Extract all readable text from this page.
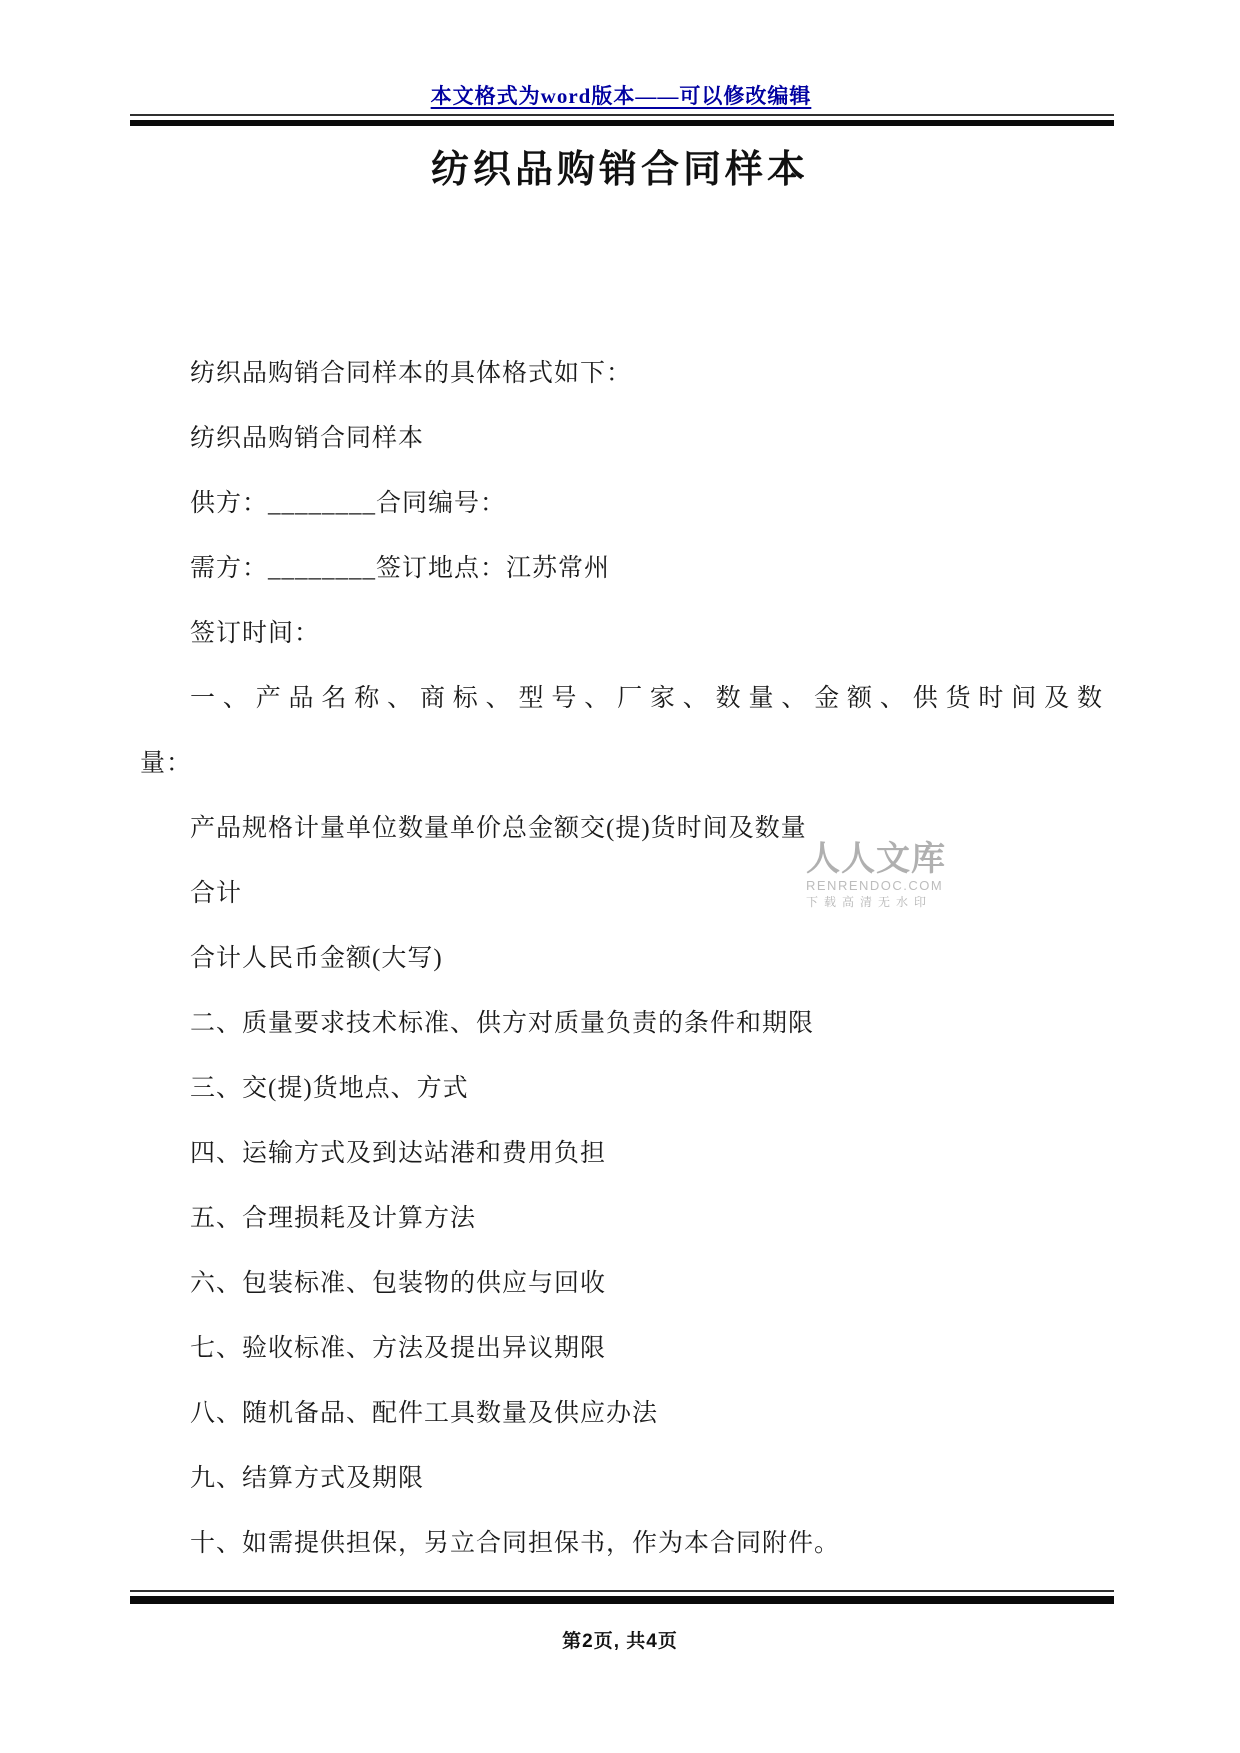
本文格式为word版本——可以修改编辑
纺织品购销合同样本
人人文库
RENRENDOC.COM
下载高清无水印

纺织品购销合同样本的具体格式如下：

纺织品购销合同样本

供方：________合同编号：

需方：________签订地点：江苏常州

签订时间：

一、产品名称、商标、型号、厂家、数量、金额、供货时间及数

量：

产品规格计量单位数量单价总金额交(提)货时间及数量

合计

合计人民币金额(大写)

二、质量要求技术标准、供方对质量负责的条件和期限

三、交(提)货地点、方式

四、运输方式及到达站港和费用负担

五、合理损耗及计算方法

六、包装标准、包装物的供应与回收

七、验收标准、方法及提出异议期限

八、随机备品、配件工具数量及供应办法

九、结算方式及期限

十、如需提供担保，另立合同担保书，作为本合同附件。

第2页, 共4页
